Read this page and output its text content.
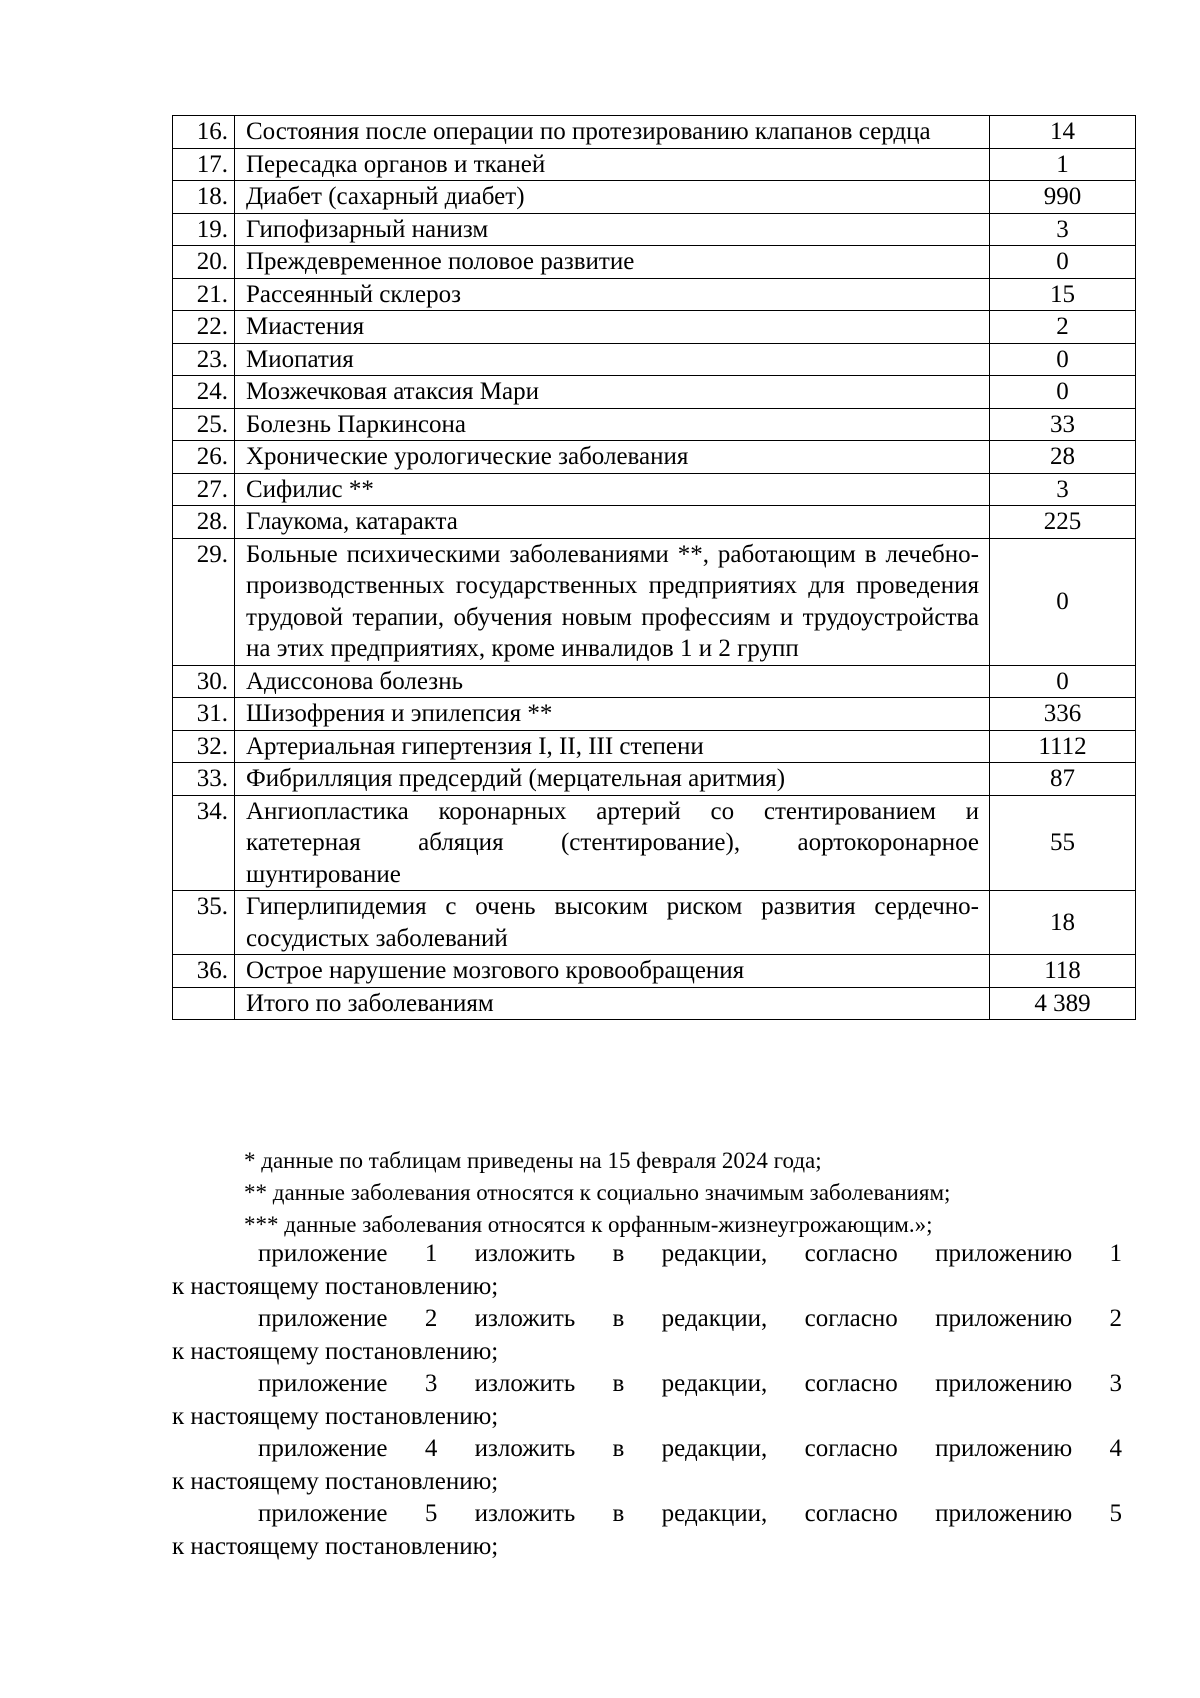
16.	Состояния после операции по протезированию клапанов сердца	14
17.	Пересадка органов и тканей	1
18.	Диабет (сахарный диабет)	990
19.	Гипофизарный нанизм	3
20.	Преждевременное половое развитие	0
21.	Рассеянный склероз	15
22.	Миастения	2
23.	Миопатия	0
24.	Мозжечковая атаксия Мари	0
25.	Болезнь Паркинсона	33
26.	Хронические урологические заболевания	28
27.	Сифилис **	3
28.	Глаукома, катаракта	225
29.	Больные психическими заболеваниями **, работающим в лечебно-производственных государственных предприятиях для проведения трудовой терапии, обучения новым профессиям и трудоустройства на этих предприятиях, кроме инвалидов 1 и 2 групп	0
30.	Адиссонова болезнь	0
31.	Шизофрения и эпилепсия **	336
32.	Артериальная гипертензия I, II, III степени	1112
33.	Фибрилляция предсердий (мерцательная аритмия)	87
34.	Ангиопластика коронарных артерий со стентированием и катетерная абляция (стентирование), аортокоронарное шунтирование	55
35.	Гиперлипидемия с очень высоким риском развития сердечно-сосудистых заболеваний	18
36.	Острое нарушение мозгового кровообращения	118
	Итого по заболеваниям	4 389
* данные по таблицам приведены на 15 февраля 2024 года;
** данные заболевания относятся к социально значимым заболеваниям;
*** данные заболевания относятся к орфанным-жизнеугрожающим.»;
приложение 1 изложить в редакции, согласно приложению 1
к настоящему постановлению;
приложение 2 изложить в редакции, согласно приложению 2
к настоящему постановлению;
приложение 3 изложить в редакции, согласно приложению 3
к настоящему постановлению;
приложение 4 изложить в редакции, согласно приложению 4
к настоящему постановлению;
приложение 5 изложить в редакции, согласно приложению 5
к настоящему постановлению;
